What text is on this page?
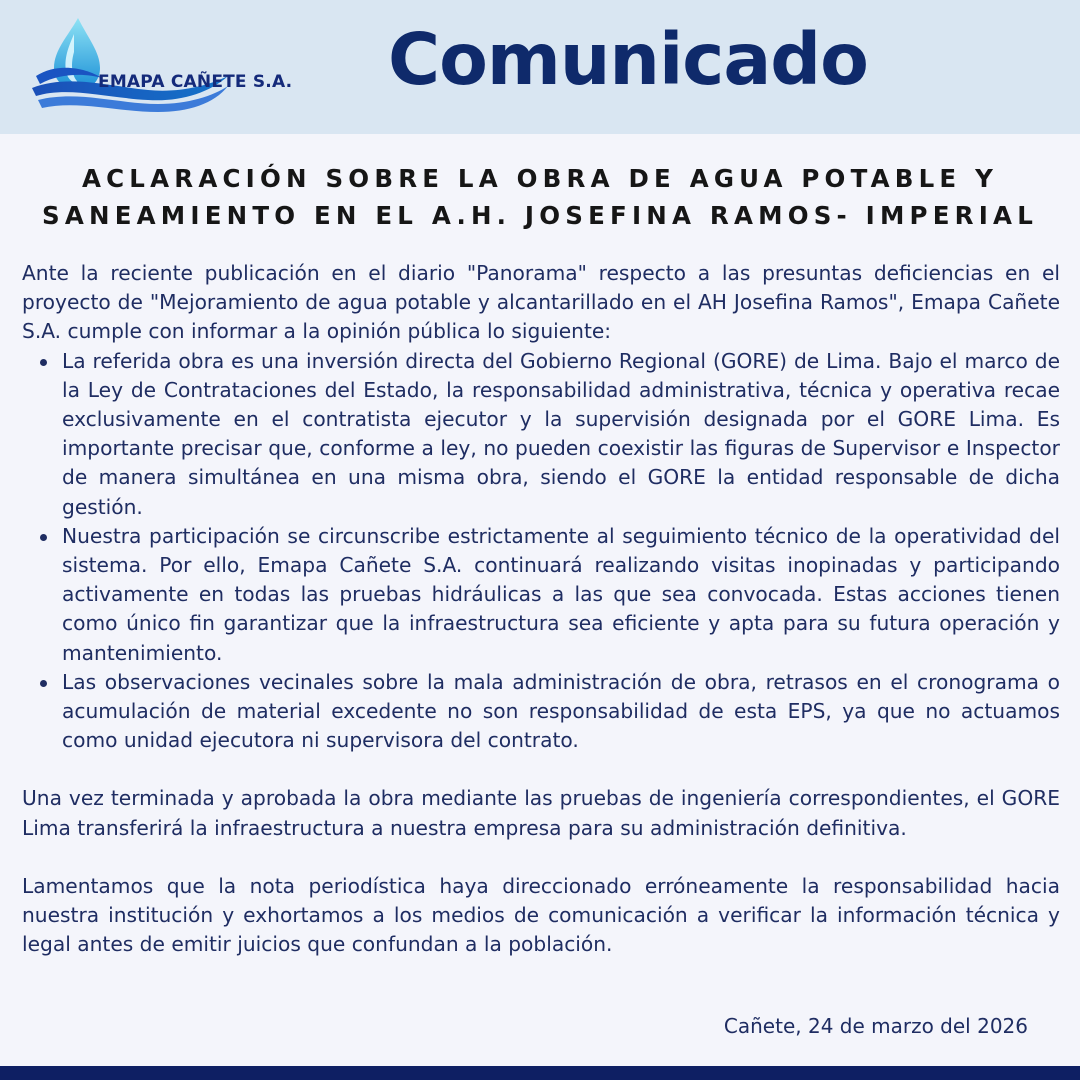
EMAPA CAÑETE S.A. Comunicado
ACLARACIÓN SOBRE LA OBRA DE AGUA POTABLE Y
SANEAMIENTO EN EL A.H. JOSEFINA RAMOS- IMPERIAL

Ante la reciente publicación en el diario "Panorama" respecto a las presuntas deficiencias en el proyecto de "Mejoramiento de agua potable y alcantarillado en el AH Josefina Ramos", Emapa Cañete S.A. cumple con informar a la opinión pública lo siguiente:

La referida obra es una inversión directa del Gobierno Regional (GORE) de Lima. Bajo el marco de la Ley de Contrataciones del Estado, la responsabilidad administrativa, técnica y operativa recae exclusivamente en el contratista ejecutor y la supervisión designada por el GORE Lima. Es importante precisar que, conforme a ley, no pueden coexistir las figuras de Supervisor e Inspector de manera simultánea en una misma obra, siendo el GORE la entidad responsable de dicha gestión.
Nuestra participación se circunscribe estrictamente al seguimiento técnico de la operatividad del sistema. Por ello, Emapa Cañete S.A. continuará realizando visitas inopinadas y participando activamente en todas las pruebas hidráulicas a las que sea convocada. Estas acciones tienen como único fin garantizar que la infraestructura sea eficiente y apta para su futura operación y mantenimiento.
Las observaciones vecinales sobre la mala administración de obra, retrasos en el cronograma o acumulación de material excedente no son responsabilidad de esta EPS, ya que no actuamos como unidad ejecutora ni supervisora del contrato.

Una vez terminada y aprobada la obra mediante las pruebas de ingeniería correspondientes, el GORE Lima transferirá la infraestructura a nuestra empresa para su administración definitiva.

Lamentamos que la nota periodística haya direccionado erróneamente la responsabilidad hacia nuestra institución y exhortamos a los medios de comunicación a verificar la información técnica y legal antes de emitir juicios que confundan a la población.

Cañete, 24 de marzo del 2026
